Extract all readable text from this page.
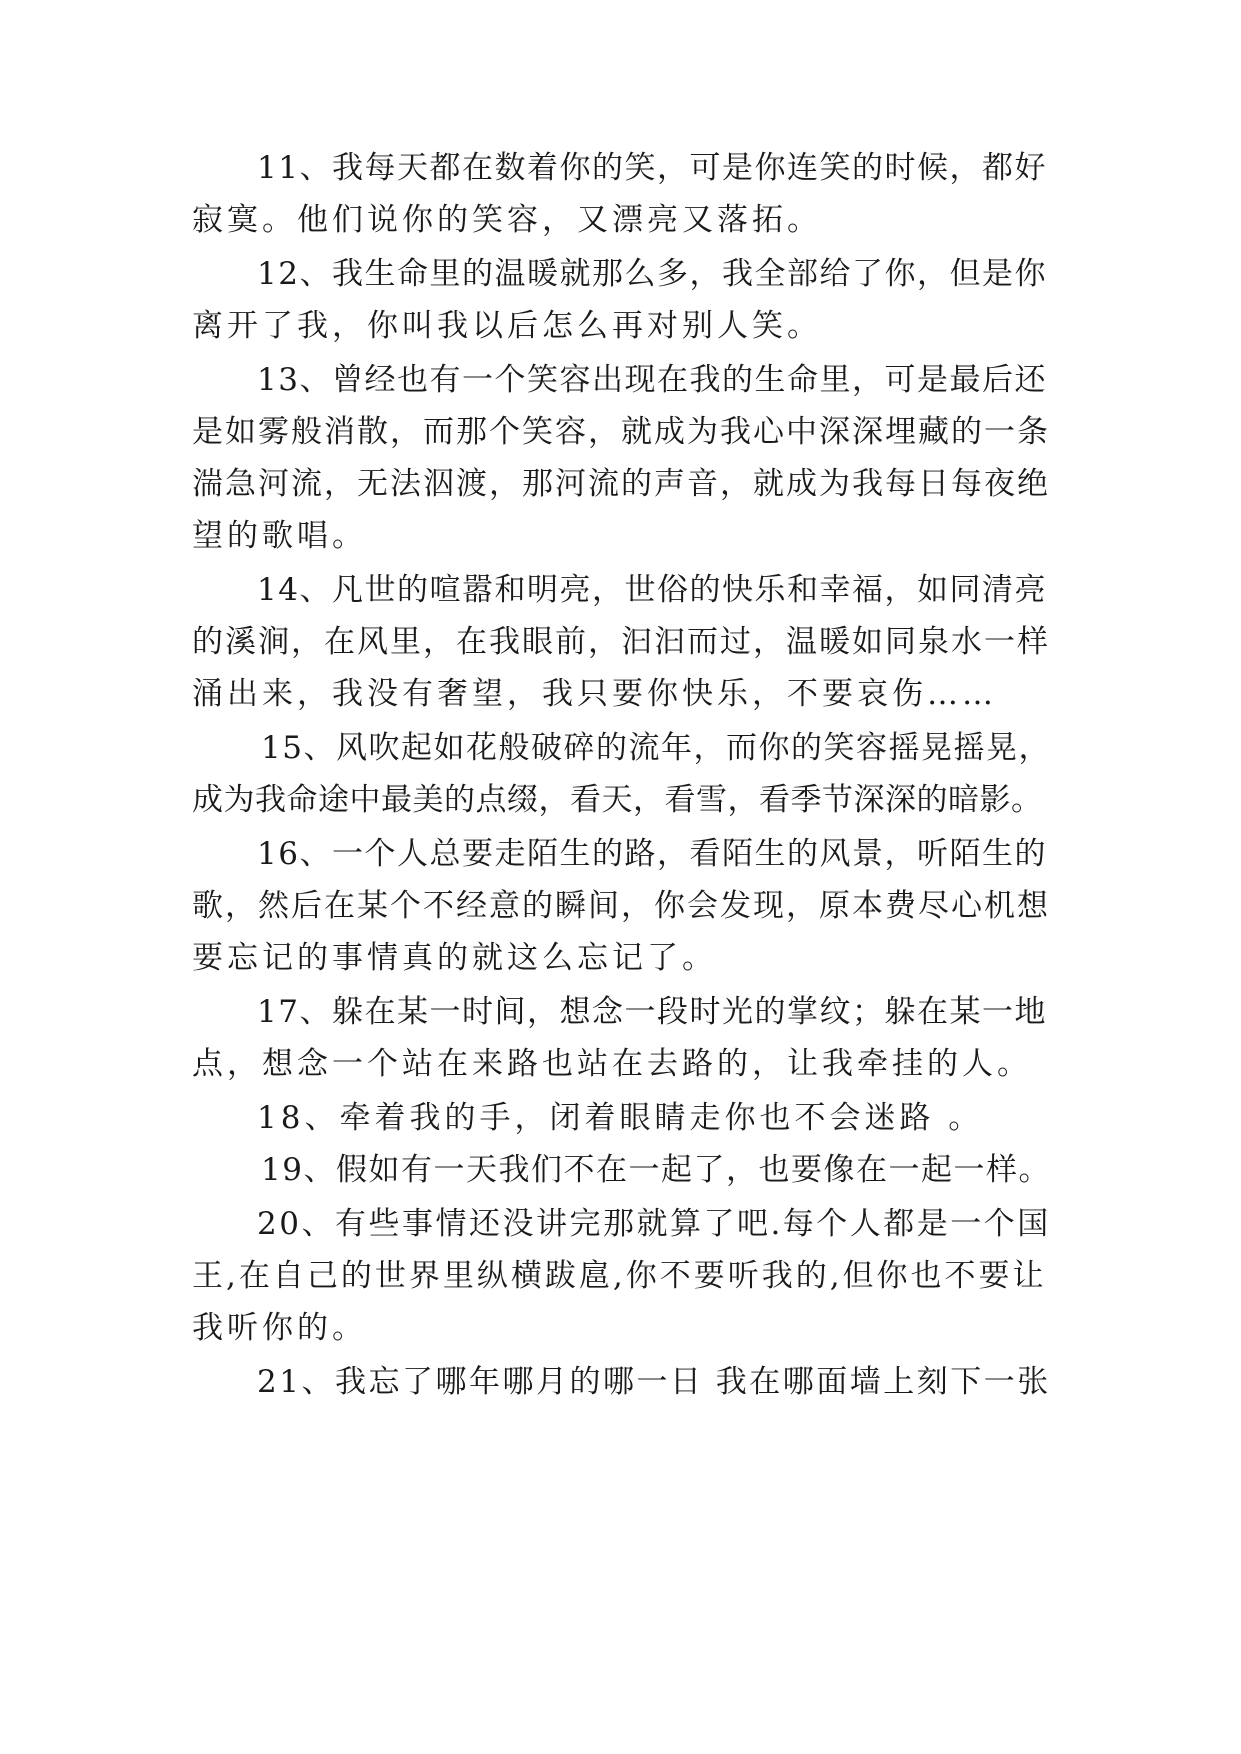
11、我每天都在数着你的笑，可是你连笑的时候，都好

寂寞。他们说你的笑容，又漂亮又落拓。

12、我生命里的温暖就那么多，我全部给了你，但是你

离开了我，你叫我以后怎么再对别人笑。

13、曾经也有一个笑容出现在我的生命里，可是最后还

是如雾般消散，而那个笑容，就成为我心中深深埋藏的一条

湍急河流，无法泅渡，那河流的声音，就成为我每日每夜绝

望的歌唱。

14、凡世的喧嚣和明亮，世俗的快乐和幸福，如同清亮

的溪涧，在风里，在我眼前，汩汩而过，温暖如同泉水一样

涌出来，我没有奢望，我只要你快乐，不要哀伤……

15、风吹起如花般破碎的流年，而你的笑容摇晃摇晃，

成为我命途中最美的点缀，看天，看雪，看季节深深的暗影。

16、一个人总要走陌生的路，看陌生的风景，听陌生的

歌，然后在某个不经意的瞬间，你会发现，原本费尽心机想

要忘记的事情真的就这么忘记了。

17、躲在某一时间，想念一段时光的掌纹；躲在某一地

点，想念一个站在来路也站在去路的，让我牵挂的人。

18、牵着我的手，闭着眼睛走你也不会迷路 。

19、假如有一天我们不在一起了，也要像在一起一样。

20、有些事情还没讲完那就算了吧.每个人都是一个国

王,在自己的世界里纵横跋扈,你不要听我的,但你也不要让

我听你的。

21、我忘了哪年哪月的哪一日 我在哪面墙上刻下一张
